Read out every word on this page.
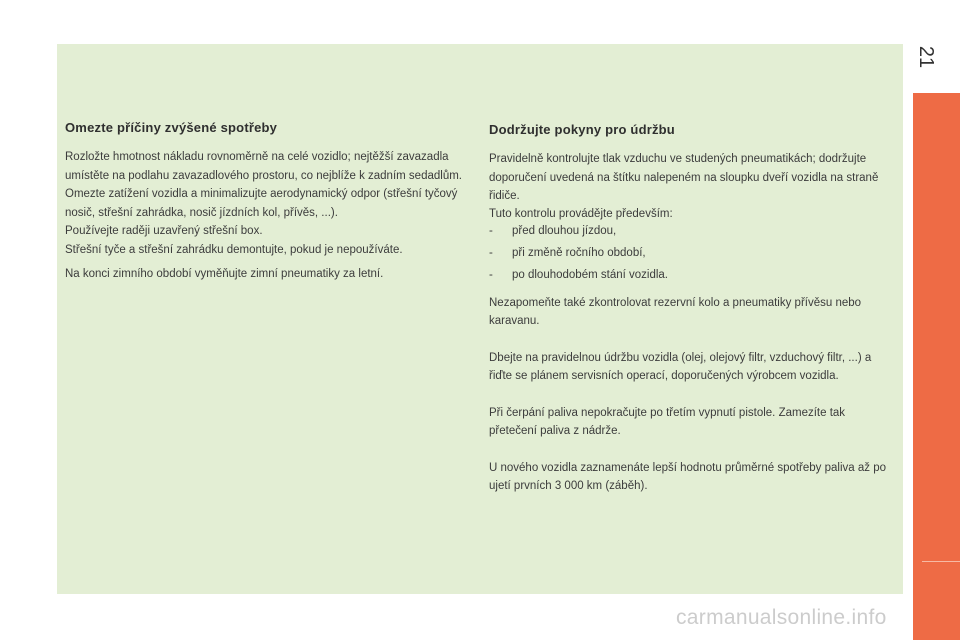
21
Omezte příčiny zvýšené spotřeby

Rozložte hmotnost nákladu rovnoměrně na celé vozidlo; nejtěžší zavazadla umístěte na podlahu zavazadlového prostoru, co nejblíže k zadním sedadlům.

Omezte zatížení vozidla a minimalizujte aerodynamický odpor (střešní tyčový nosič, střešní zahrádka, nosič jízdních kol, přívěs, ...).

Používejte raději uzavřený střešní box.

Střešní tyče a střešní zahrádku demontujte, pokud je nepoužíváte.

Na konci zimního období vyměňujte zimní pneumatiky za letní.

Dodržujte pokyny pro údržbu

Pravidelně kontrolujte tlak vzduchu ve studených pneumatikách; dodržujte doporučení uvedená na štítku nalepeném na sloupku dveří vozidla na straně řidiče.

Tuto kontrolu provádějte především:

- před dlouhou jízdou,
- při změně ročního období,
- po dlouhodobém stání vozidla.

Nezapomeňte také zkontrolovat rezervní kolo a pneumatiky přívěsu nebo karavanu.

Dbejte na pravidelnou údržbu vozidla (olej, olejový filtr, vzduchový filtr, ...) a řiďte se plánem servisních operací, doporučených výrobcem vozidla.

Při čerpání paliva nepokračujte po třetím vypnutí pistole. Zamezíte tak přetečení paliva z nádrže.

U nového vozidla zaznamenáte lepší hodnotu průměrné spotřeby paliva až po ujetí prvních 3 000 km (záběh).

carmanualsonline.info
